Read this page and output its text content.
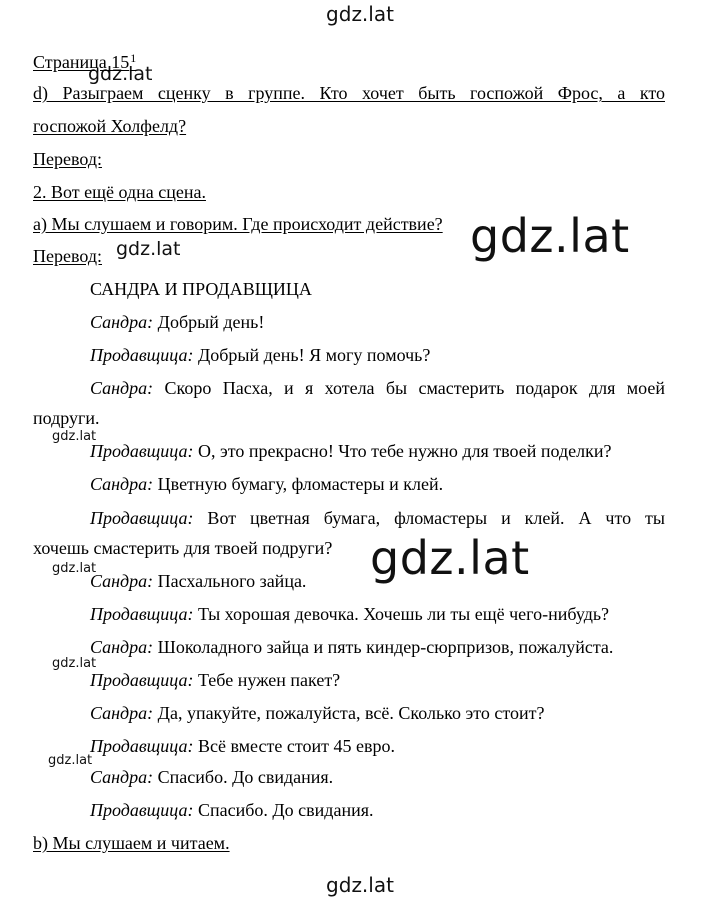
gdz.lat
gdz.lat
gdz.lat
gdz.lat
gdz.lat
gdz.lat
gdz.lat
gdz.lat
gdz.lat
gdz.lat
Страница $15^1$
d) Разыграем сценку в группе. Кто хочет быть госпожой Фрос, а кто
госпожой Холфелд?
Перевод:
2. Вот ещё одна сцена.
а) Мы слушаем и говорим. Где происходит действие?
Перевод:
САНДРА И ПРОДАВЩИЦА
Сандра: Добрый день!
Продавщица: Добрый день! Я могу помочь?
Сандра: Скоро Пасха, и я хотела бы смастерить подарок для моей
подруги.
Продавщица: О, это прекрасно! Что тебе нужно для твоей поделки?
Сандра: Цветную бумагу, фломастеры и клей.
Продавщица: Вот цветная бумага, фломастеры и клей. А что ты
хочешь смастерить для твоей подруги?
Сандра: Пасхального зайца.
Продавщица: Ты хорошая девочка. Хочешь ли ты ещё чего-нибудь?
Сандра: Шоколадного зайца и пять киндер-сюрпризов, пожалуйста.
Продавщица: Тебе нужен пакет?
Сандра: Да, упакуйте, пожалуйста, всё. Сколько это стоит?
Продавщица: Всё вместе стоит 45 евро.
Сандра: Спасибо. До свидания.
Продавщица: Спасибо. До свидания.
b) Мы слушаем и читаем.
